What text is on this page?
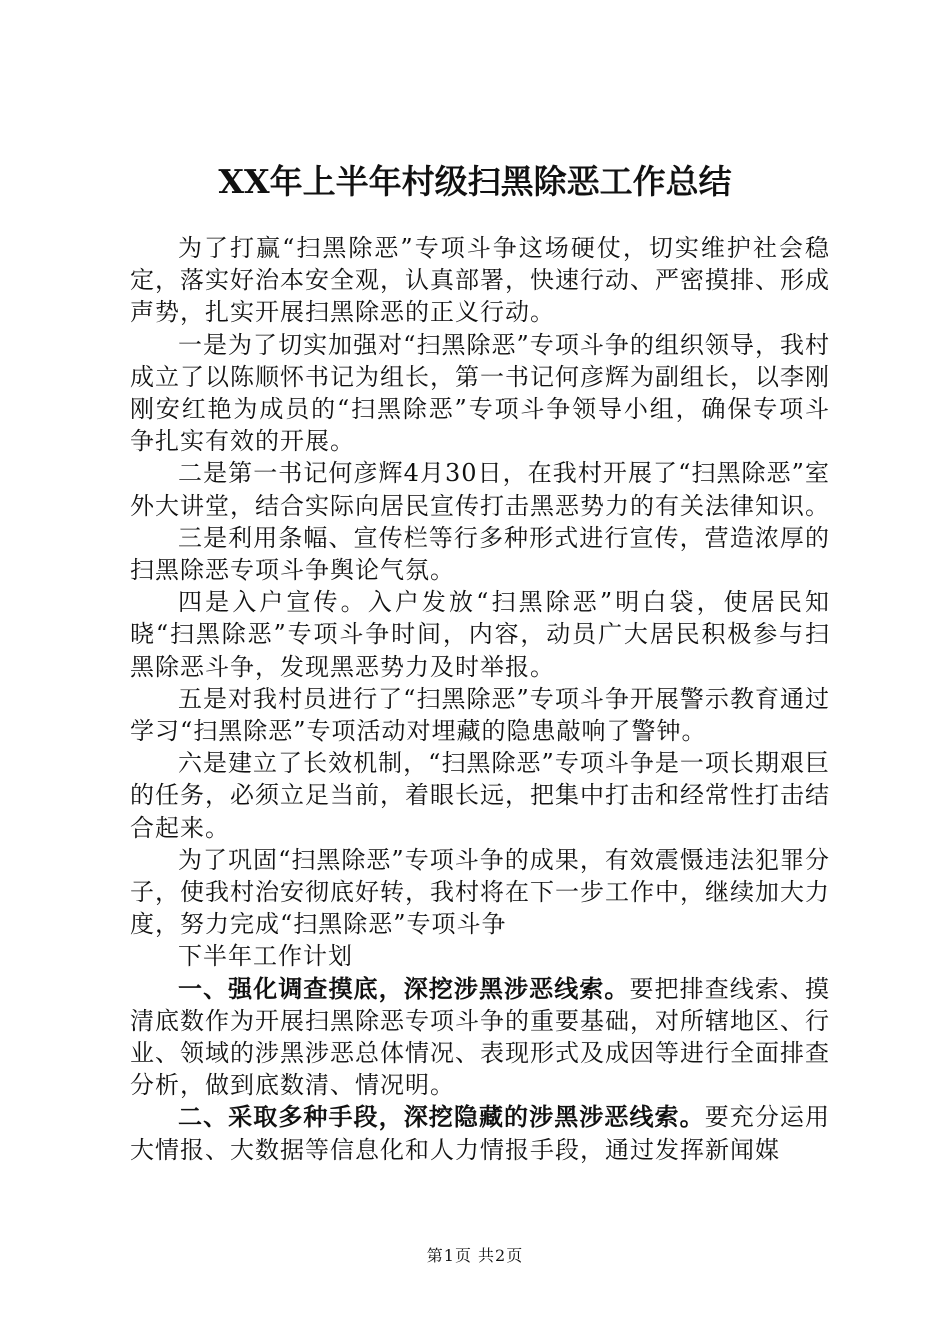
XX年上半年村级扫黑除恶工作总结

为了打赢“扫黑除恶”专项斗争这场硬仗，切实维护社会稳定，落实好治本安全观，认真部署，快速行动、严密摸排、形成声势，扎实开展扫黑除恶的正义行动。

一是为了切实加强对“扫黑除恶”专项斗争的组织领导，我村成立了以陈顺怀书记为组长，第一书记何彦辉为副组长，以李刚刚安红艳为成员的“扫黑除恶”专项斗争领导小组，确保专项斗争扎实有效的开展。

二是第一书记何彦辉4月30日，在我村开展了“扫黑除恶”室外大讲堂，结合实际向居民宣传打击黑恶势力的有关法律知识。

三是利用条幅、宣传栏等行多种形式进行宣传，营造浓厚的扫黑除恶专项斗争舆论气氛。

四是入户宣传。入户发放“扫黑除恶”明白袋，使居民知晓“扫黑除恶”专项斗争时间，内容，动员广大居民积极参与扫黑除恶斗争，发现黑恶势力及时举报。

五是对我村员进行了“扫黑除恶”专项斗争开展警示教育通过学习“扫黑除恶”专项活动对埋藏的隐患敲响了警钟。

六是建立了长效机制，“扫黑除恶”专项斗争是一项长期艰巨的任务，必须立足当前，着眼长远，把集中打击和经常性打击结合起来。

为了巩固“扫黑除恶”专项斗争的成果，有效震慑违法犯罪分子，使我村治安彻底好转，我村将在下一步工作中，继续加大力度，努力完成“扫黑除恶”专项斗争

下半年工作计划

一、强化调查摸底，深挖涉黑涉恶线索。要把排查线索、摸清底数作为开展扫黑除恶专项斗争的重要基础，对所辖地区、行业、领域的涉黑涉恶总体情况、表现形式及成因等进行全面排查分析，做到底数清、情况明。

二、采取多种手段，深挖隐藏的涉黑涉恶线索。要充分运用大情报、大数据等信息化和人力情报手段，通过发挥新闻媒

第1页 共2页
